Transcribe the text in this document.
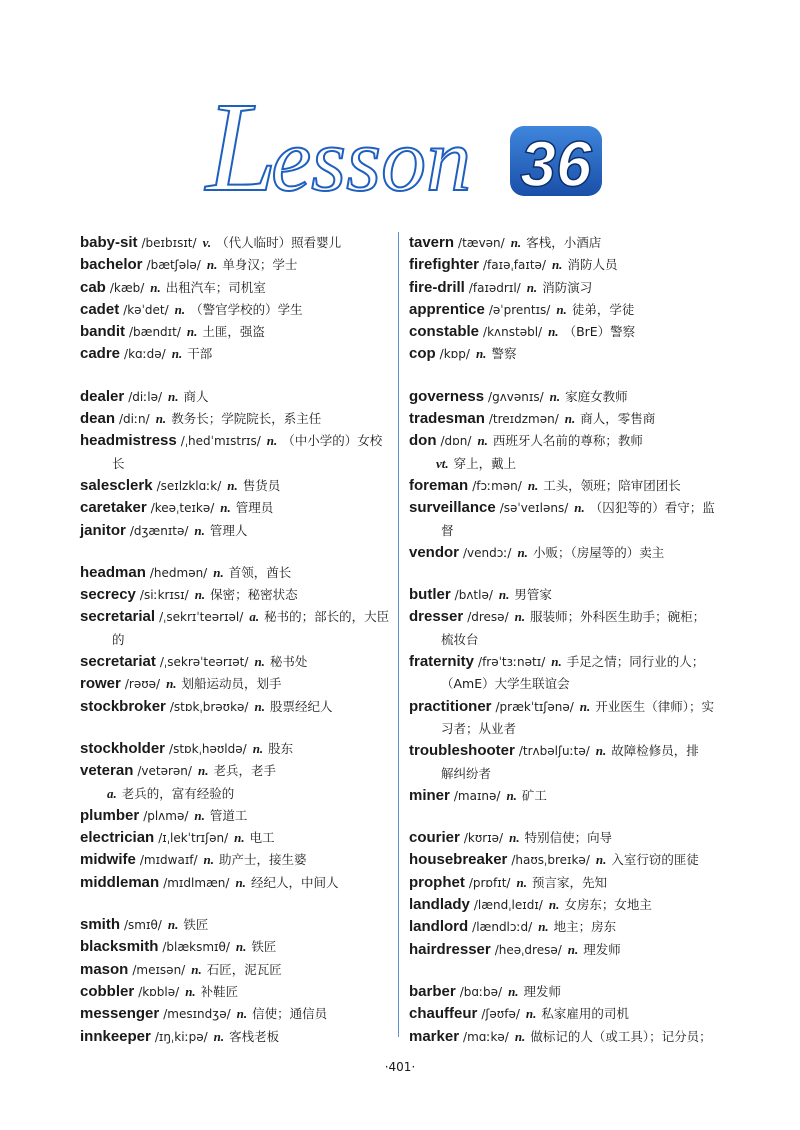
Lesson 36
baby-sit /beɪbɪsɪt/ v. （代人临时）照看婴儿
bachelor /bætʃələ/ n. 单身汉；学士
cab /kæb/ n. 出租汽车；司机室
cadet /kəˈdet/ n. （警官学校的）学生
bandit /bændɪt/ n. 土匪，强盗
cadre /kɑːdə/ n. 干部
dealer /diːlə/ n. 商人
dean /diːn/ n. 教务长；学院院长，系主任
headmistress /ˌhedˈmɪstrɪs/ n. （中小学的）女校
长
salesclerk /seɪlzklɑːk/ n. 售货员
caretaker /keəˌteɪkə/ n. 管理员
janitor /dʒænɪtə/ n. 管理人
headman /hedmən/ n. 首领，酋长
secrecy /siːkrɪsɪ/ n. 保密；秘密状态
secretarial /ˌsekrɪˈteərɪəl/ a. 秘书的；部长的，大臣
的
secretariat /ˌsekrəˈteərɪət/ n. 秘书处
rower /rəʊə/ n. 划船运动员，划手
stockbroker /stɒkˌbrəʊkə/ n. 股票经纪人
stockholder /stɒkˌhəʊldə/ n. 股东
veteran /vetərən/ n. 老兵，老手
a. 老兵的，富有经验的
plumber /plʌmə/ n. 管道工
electrician /ɪˌlekˈtrɪʃən/ n. 电工
midwife /mɪdwaɪf/ n. 助产士，接生婆
middleman /mɪdlmæn/ n. 经纪人，中间人
smith /smɪθ/ n. 铁匠
blacksmith /blæksmɪθ/ n. 铁匠
mason /meɪsən/ n. 石匠，泥瓦匠
cobbler /kɒblə/ n. 补鞋匠
messenger /mesɪndʒə/ n. 信使；通信员
innkeeper /ɪŋˌkiːpə/ n. 客栈老板
tavern /tævən/ n. 客栈，小酒店
firefighter /faɪəˌfaɪtə/ n. 消防人员
fire-drill /faɪədrɪl/ n. 消防演习
apprentice /əˈprentɪs/ n. 徒弟，学徒
constable /kʌnstəbl/ n. （BrE）警察
cop /kɒp/ n. 警察
governess /gʌvənɪs/ n. 家庭女教师
tradesman /treɪdzmən/ n. 商人，零售商
don /dɒn/ n. 西班牙人名前的尊称；教师
vt. 穿上，戴上
foreman /fɔːmən/ n. 工头，领班；陪审团团长
surveillance /səˈveɪləns/ n. （囚犯等的）看守；监
督
vendor /vendɔː/ n. 小贩；（房屋等的）卖主
butler /bʌtlə/ n. 男管家
dresser /dresə/ n. 服装师；外科医生助手；碗柜；
梳妆台
fraternity /frəˈtɜːnətɪ/ n. 手足之情；同行业的人；
（AmE）大学生联谊会
practitioner /prækˈtɪʃənə/ n. 开业医生（律师）；实
习者；从业者
troubleshooter /trʌbəlʃuːtə/ n. 故障检修员，排
解纠纷者
miner /maɪnə/ n. 矿工
courier /kʊrɪə/ n. 特别信使；向导
housebreaker /haʊsˌbreɪkə/ n. 入室行窃的匪徒
prophet /prɒfɪt/ n. 预言家，先知
landlady /lændˌleɪdɪ/ n. 女房东；女地主
landlord /lændlɔːd/ n. 地主；房东
hairdresser /heəˌdresə/ n. 理发师
barber /bɑːbə/ n. 理发师
chauffeur /ʃəʊfə/ n. 私家雇用的司机
marker /mɑːkə/ n. 做标记的人（或工具）；记分员；
·401·
